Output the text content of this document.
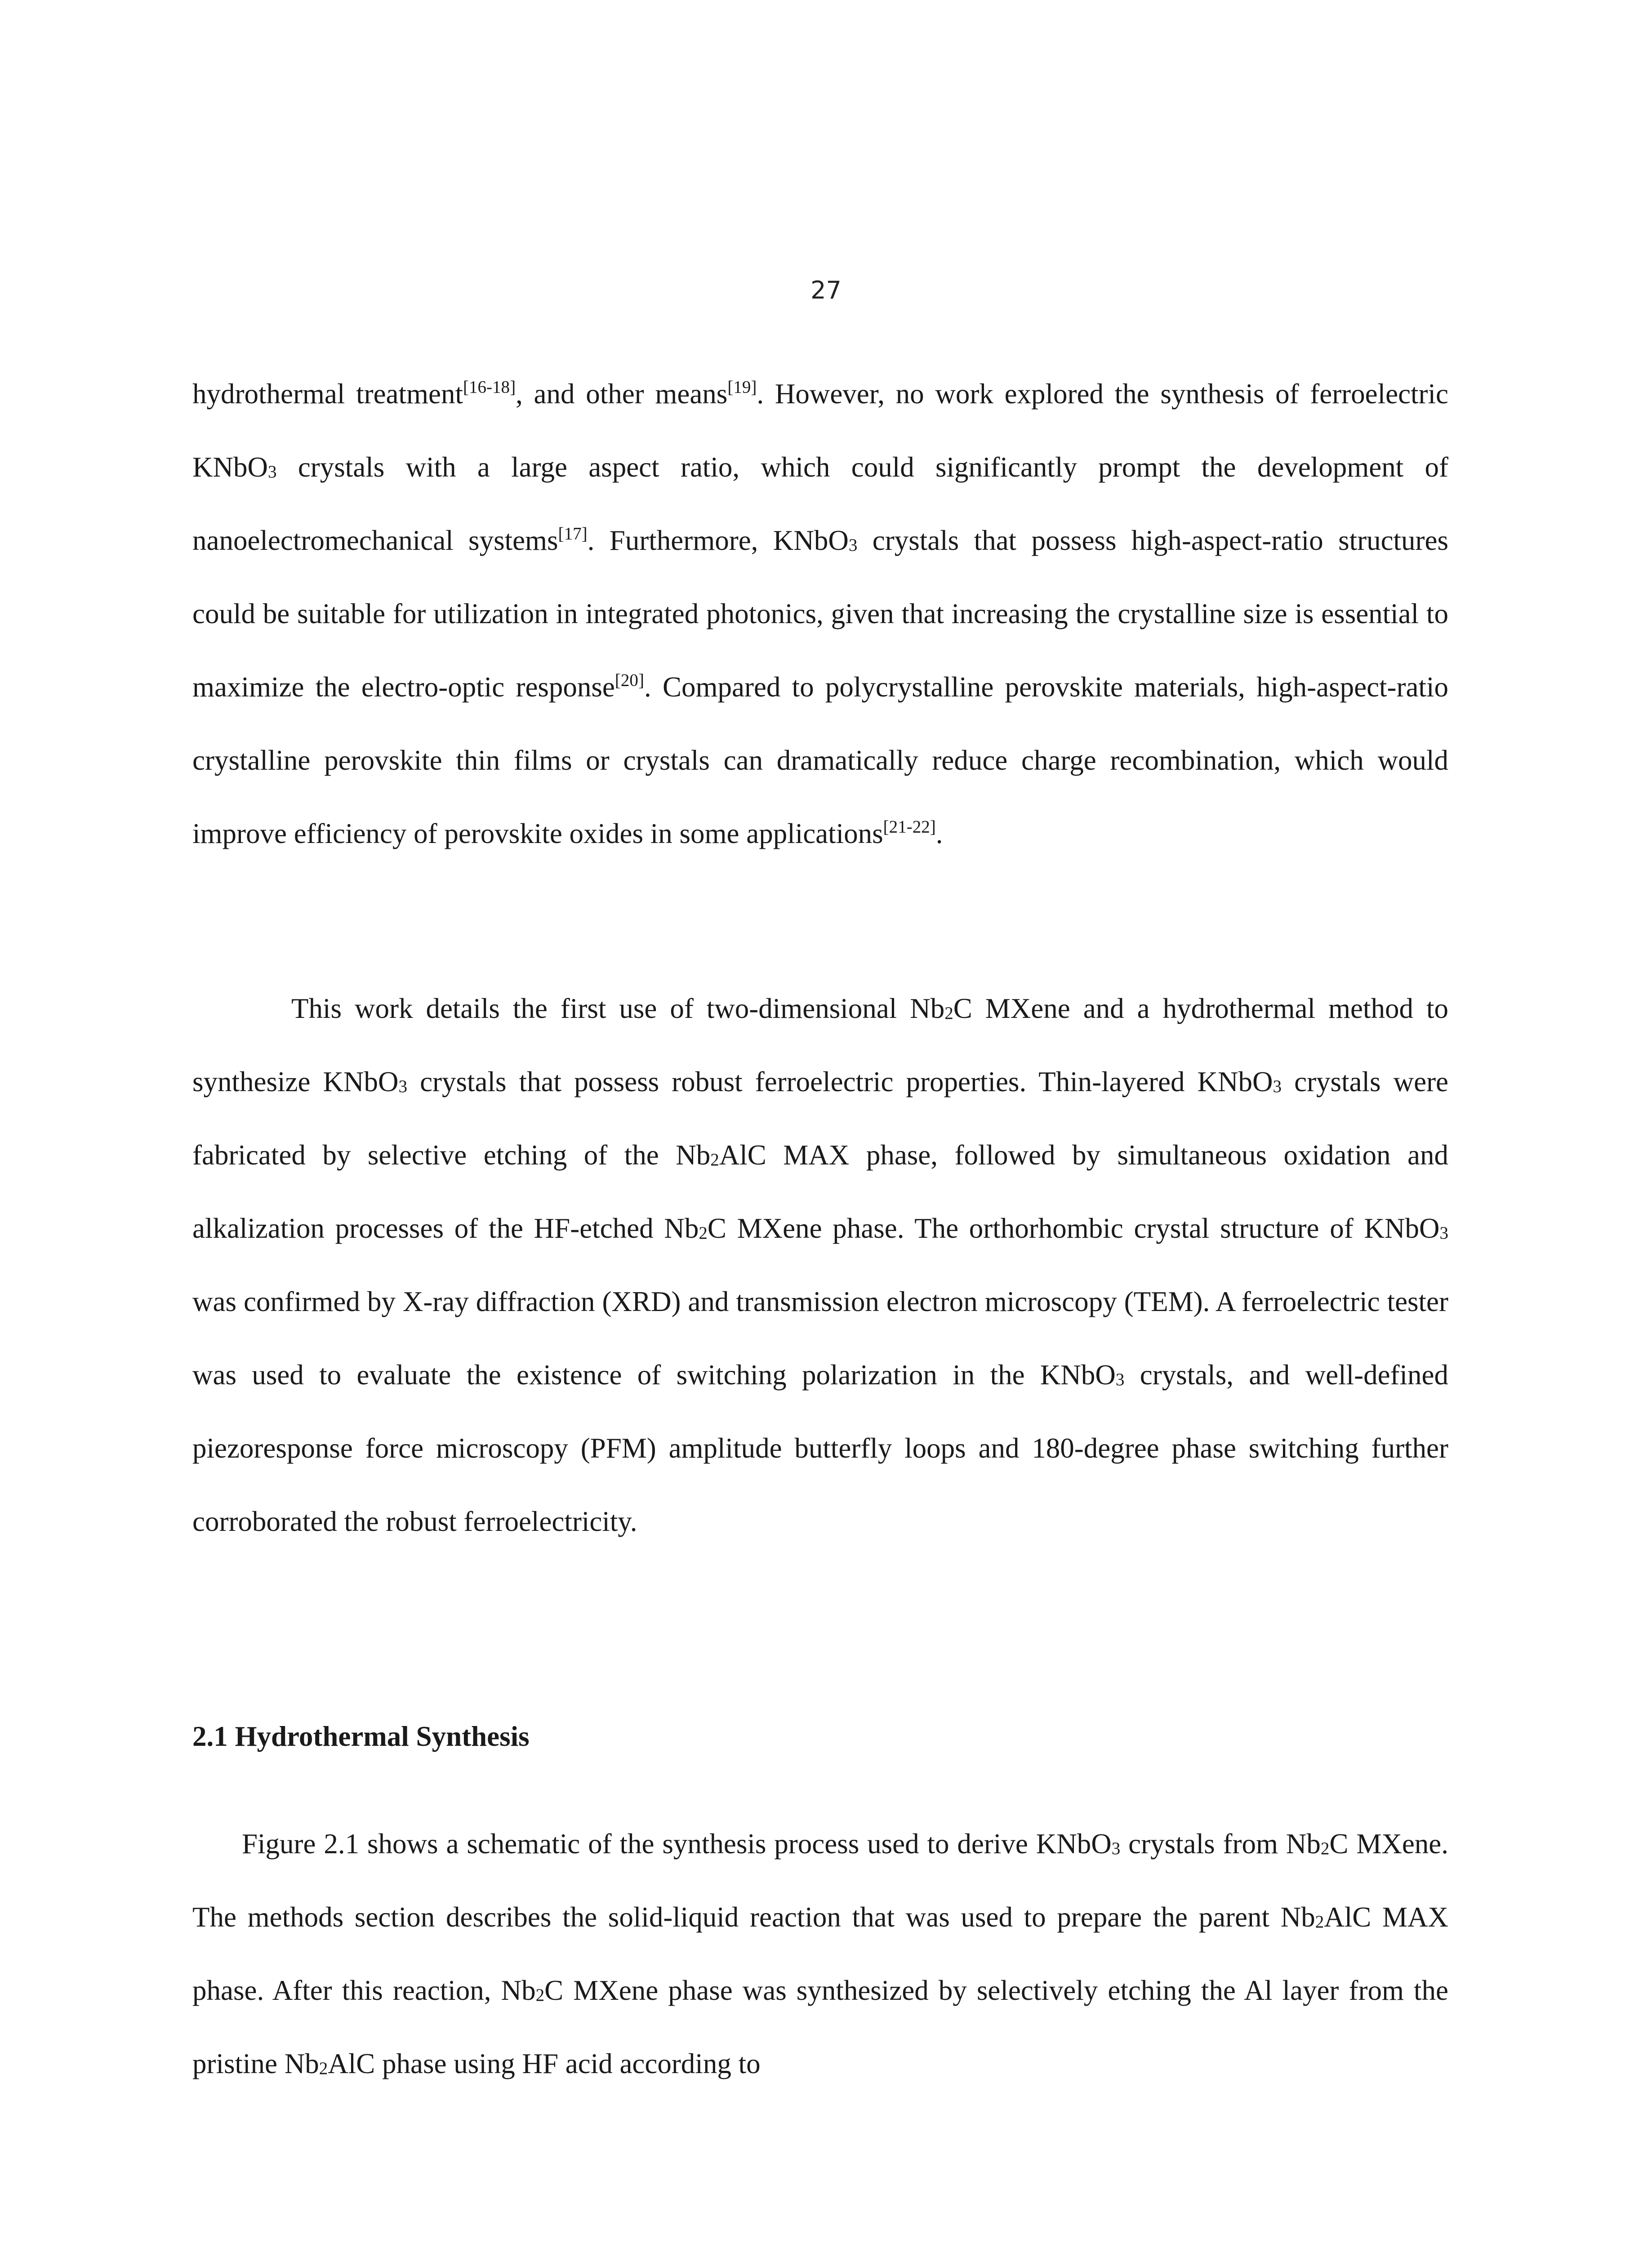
27

hydrothermal treatment[16-18], and other means[19]. However, no work explored the synthesis of ferroelectric KNbO$_3$ crystals with a large aspect ratio, which could significantly prompt the development of nanoelectromechanical systems[17]. Furthermore, KNbO$_3$ crystals that possess high-aspect-ratio structures could be suitable for utilization in integrated photonics, given that increasing the crystalline size is essential to maximize the electro-optic response[20]. Compared to polycrystalline perovskite materials, high-aspect-ratio crystalline perovskite thin films or crystals can dramatically reduce charge recombination, which would improve efficiency of perovskite oxides in some applications[21-22].

This work details the first use of two-dimensional $Nb_2C$ MXene and a hydrothermal method to synthesize KNbO$_3$ crystals that possess robust ferroelectric properties. Thin-layered KNbO$_3$ crystals were fabricated by selective etching of the $Nb_2AlC$ MAX phase, followed by simultaneous oxidation and alkalization processes of the HF-etched $Nb_2C$ MXene phase. The orthorhombic crystal structure of KNbO$_3$ was confirmed by X-ray diffraction (XRD) and transmission electron microscopy (TEM). A ferroelectric tester was used to evaluate the existence of switching polarization in the KNbO$_3$ crystals, and well-defined piezoresponse force microscopy (PFM) amplitude butterfly loops and 180-degree phase switching further corroborated the robust ferroelectricity.

2.1 Hydrothermal Synthesis

Figure 2.1 shows a schematic of the synthesis process used to derive KNbO$_3$ crystals from $Nb_2C$ MXene. The methods section describes the solid-liquid reaction that was used to prepare the parent $Nb_2AlC$ MAX phase. After this reaction, $Nb_2C$ MXene phase was synthesized by selectively etching the Al layer from the pristine $Nb_2AlC$ phase using HF acid according to
